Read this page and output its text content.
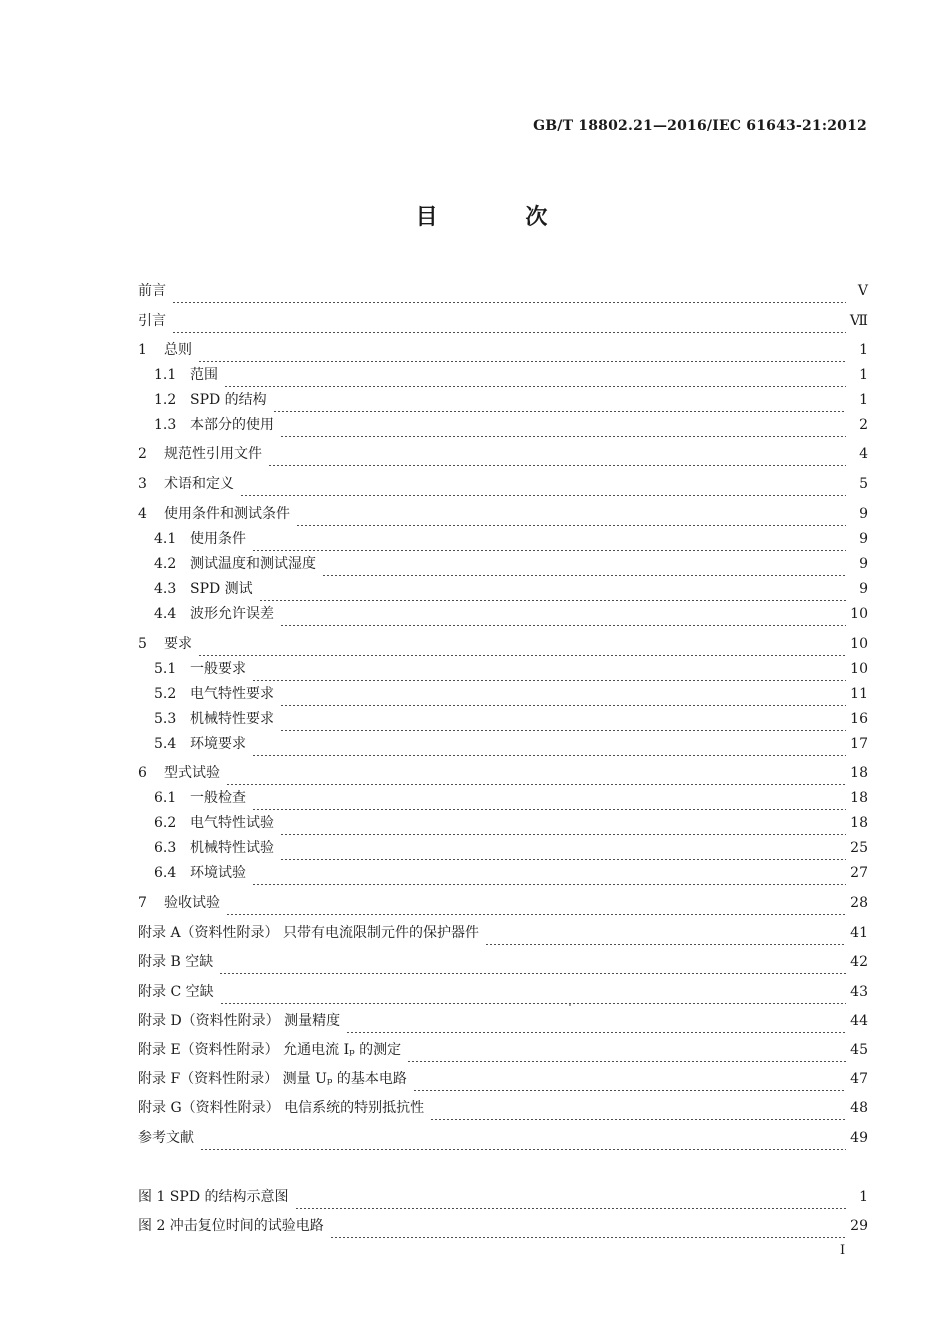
GB/T 18802.21—2016/IEC 61643-21:2012
目 次
前言	Ⅴ
引言	Ⅶ
1	总则	1
1.1 范围	1
1.2 SPD 的结构	1
1.3 本部分的使用	2
2	规范性引用文件	4
3	术语和定义	5
4	使用条件和测试条件	9
4.1 使用条件	9
4.2 测试温度和测试湿度	9
4.3 SPD 测试	9
4.4 波形允许误差	10
5	要求	10
5.1 一般要求	10
5.2 电气特性要求	11
5.3 机械特性要求	16
5.4 环境要求	17
6	型式试验	18
6.1 一般检查	18
6.2 电气特性试验	18
6.3 机械特性试验	25
6.4 环境试验	27
7	验收试验	28
附录 A（资料性附录） 只带有电流限制元件的保护器件	41
附录 B 空缺	42
附录 C 空缺	43
附录 D（资料性附录） 测量精度	44
附录 E（资料性附录） 允通电流 Iₚ 的测定	45
附录 F（资料性附录） 测量 Uₚ 的基本电路	47
附录 G（资料性附录） 电信系统的特别抵抗性	48
参考文献	49
图 1 SPD 的结构示意图	1
图 2 冲击复位时间的试验电路	29
Ⅰ
